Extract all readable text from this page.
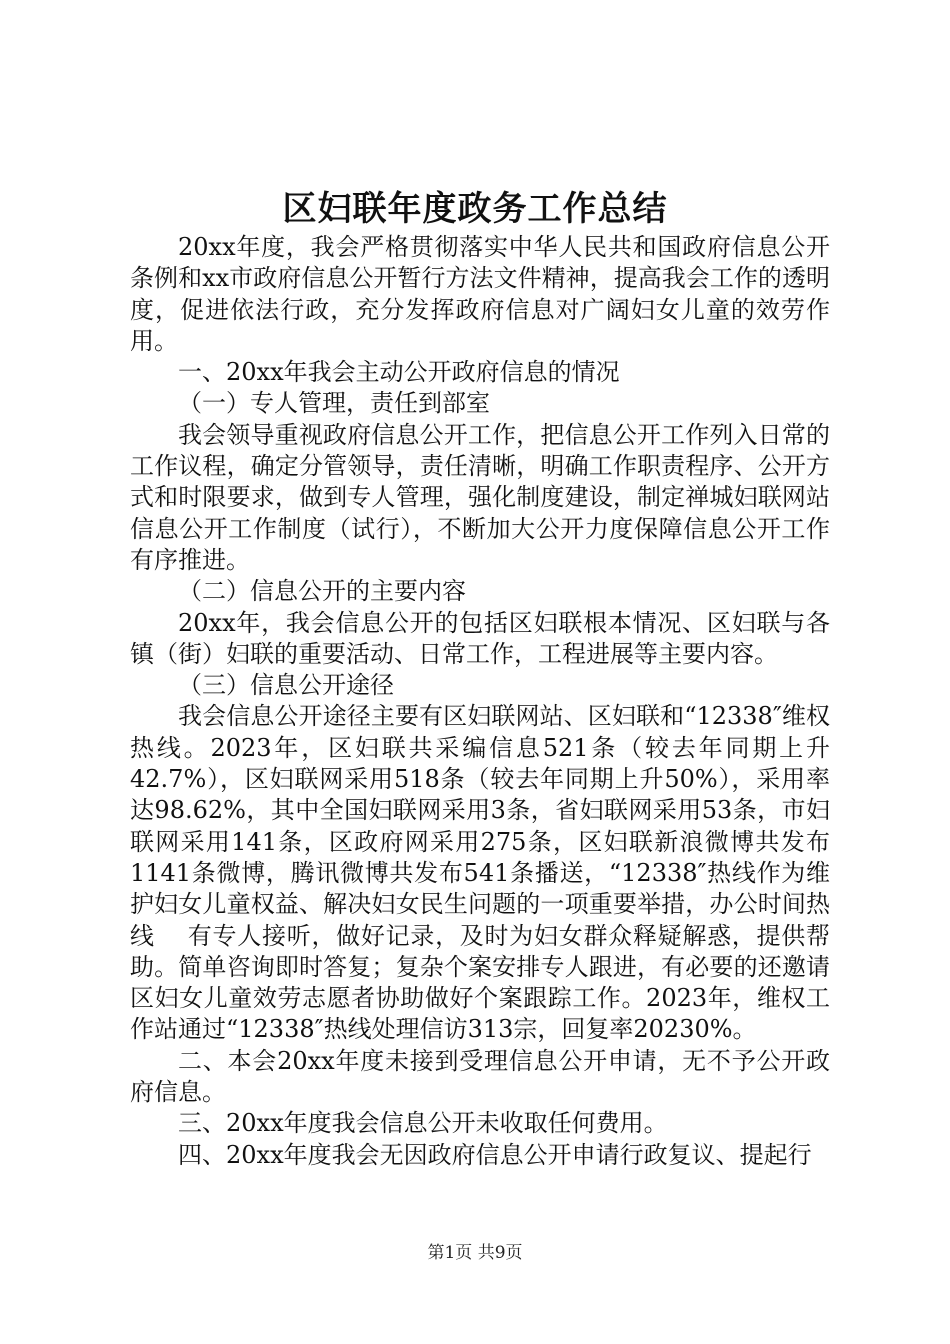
区妇联年度政务工作总结

20xx年度，我会严格贯彻落实中华人民共和国政府信息公开条例和xx市政府信息公开暂行方法文件精神，提高我会工作的透明度，促进依法行政，充分发挥政府信息对广阔妇女儿童的效劳作用。

一、20xx年我会主动公开政府信息的情况

（一）专人管理，责任到部室

我会领导重视政府信息公开工作，把信息公开工作列入日常的工作议程，确定分管领导，责任清晰，明确工作职责程序、公开方式和时限要求，做到专人管理，强化制度建设，制定禅城妇联网站信息公开工作制度（试行），不断加大公开力度保障信息公开工作有序推进。

（二）信息公开的主要内容

20xx年，我会信息公开的包括区妇联根本情况、区妇联与各镇（街）妇联的重要活动、日常工作，工程进展等主要内容。

（三）信息公开途径

我会信息公开途径主要有区妇联网站、区妇联和“12338″维权热线。2023年，区妇联共采编信息521条（较去年同期上升42.7%），区妇联网采用518条（较去年同期上升50%），采用率达98.62%，其中全国妇联网采用3条，省妇联网采用53条，市妇联网采用141条，区政府网采用275条，区妇联新浪微博共发布1141条微博，腾讯微博共发布541条播送，“12338″热线作为维护妇女儿童权益、解决妇女民生问题的一项重要举措，办公时间热线　 有专人接听，做好记录，及时为妇女群众释疑解惑，提供帮助。简单咨询即时答复；复杂个案安排专人跟进，有必要的还邀请区妇女儿童效劳志愿者协助做好个案跟踪工作。2023年，维权工作站通过“12338″热线处理信访313宗，回复率20230%。

二、本会20xx年度未接到受理信息公开申请，无不予公开政府信息。

三、20xx年度我会信息公开未收取任何费用。

四、20xx年度我会无因政府信息公开申请行政复议、提起行

第1页 共9页
